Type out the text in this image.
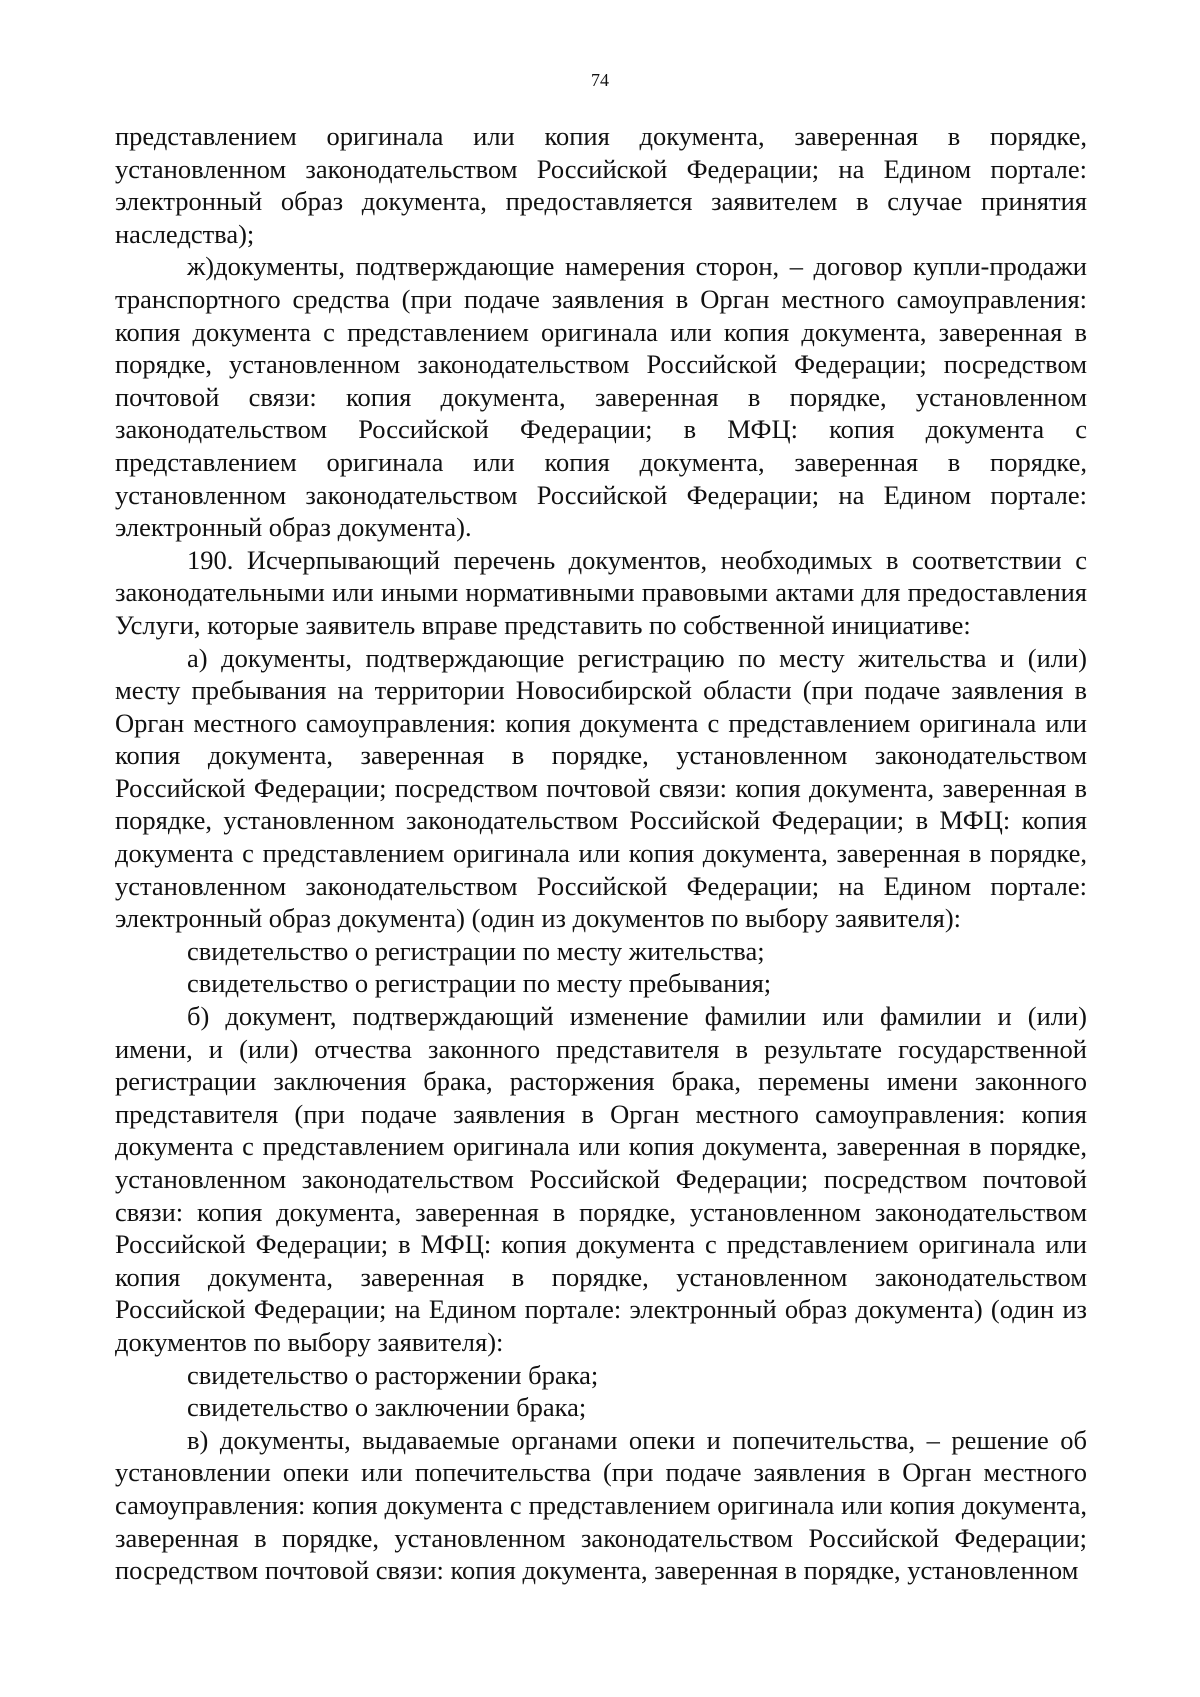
74

представлением оригинала или копия документа, заверенная в порядке, установленном законодательством Российской Федерации; на Едином портале: электронный образ документа, предоставляется заявителем в случае принятия наследства);

ж)документы, подтверждающие намерения сторон, – договор купли-продажи транспортного средства (при подаче заявления в Орган местного самоуправления: копия документа с представлением оригинала или копия документа, заверенная в порядке, установленном законодательством Российской Федерации; посредством почтовой связи: копия документа, заверенная в порядке, установленном законодательством Российской Федерации; в МФЦ: копия документа с представлением оригинала или копия документа, заверенная в порядке, установленном законодательством Российской Федерации; на Едином портале: электронный образ документа).

190. Исчерпывающий перечень документов, необходимых в соответствии с законодательными или иными нормативными правовыми актами для предоставления Услуги, которые заявитель вправе представить по собственной инициативе:

а) документы, подтверждающие регистрацию по месту жительства и (или) месту пребывания на территории Новосибирской области (при подаче заявления в Орган местного самоуправления: копия документа с представлением оригинала или копия документа, заверенная в порядке, установленном законодательством Российской Федерации; посредством почтовой связи: копия документа, заверенная в порядке, установленном законодательством Российской Федерации; в МФЦ: копия документа с представлением оригинала или копия документа, заверенная в порядке, установленном законодательством Российской Федерации; на Едином портале: электронный образ документа) (один из документов по выбору заявителя):

свидетельство о регистрации по месту жительства;

свидетельство о регистрации по месту пребывания;

б) документ, подтверждающий изменение фамилии или фамилии и (или) имени, и (или) отчества законного представителя в результате государственной регистрации заключения брака, расторжения брака, перемены имени законного представителя (при подаче заявления в Орган местного самоуправления: копия документа с представлением оригинала или копия документа, заверенная в порядке, установленном законодательством Российской Федерации; посредством почтовой связи: копия документа, заверенная в порядке, установленном законодательством Российской Федерации; в МФЦ: копия документа с представлением оригинала или копия документа, заверенная в порядке, установленном законодательством Российской Федерации; на Едином портале: электронный образ документа) (один из документов по выбору заявителя):

свидетельство о расторжении брака;

свидетельство о заключении брака;

в) документы, выдаваемые органами опеки и попечительства, – решение об установлении опеки или попечительства (при подаче заявления в Орган местного самоуправления: копия документа с представлением оригинала или копия документа, заверенная в порядке, установленном законодательством Российской Федерации; посредством почтовой связи: копия документа, заверенная в порядке, установленном
